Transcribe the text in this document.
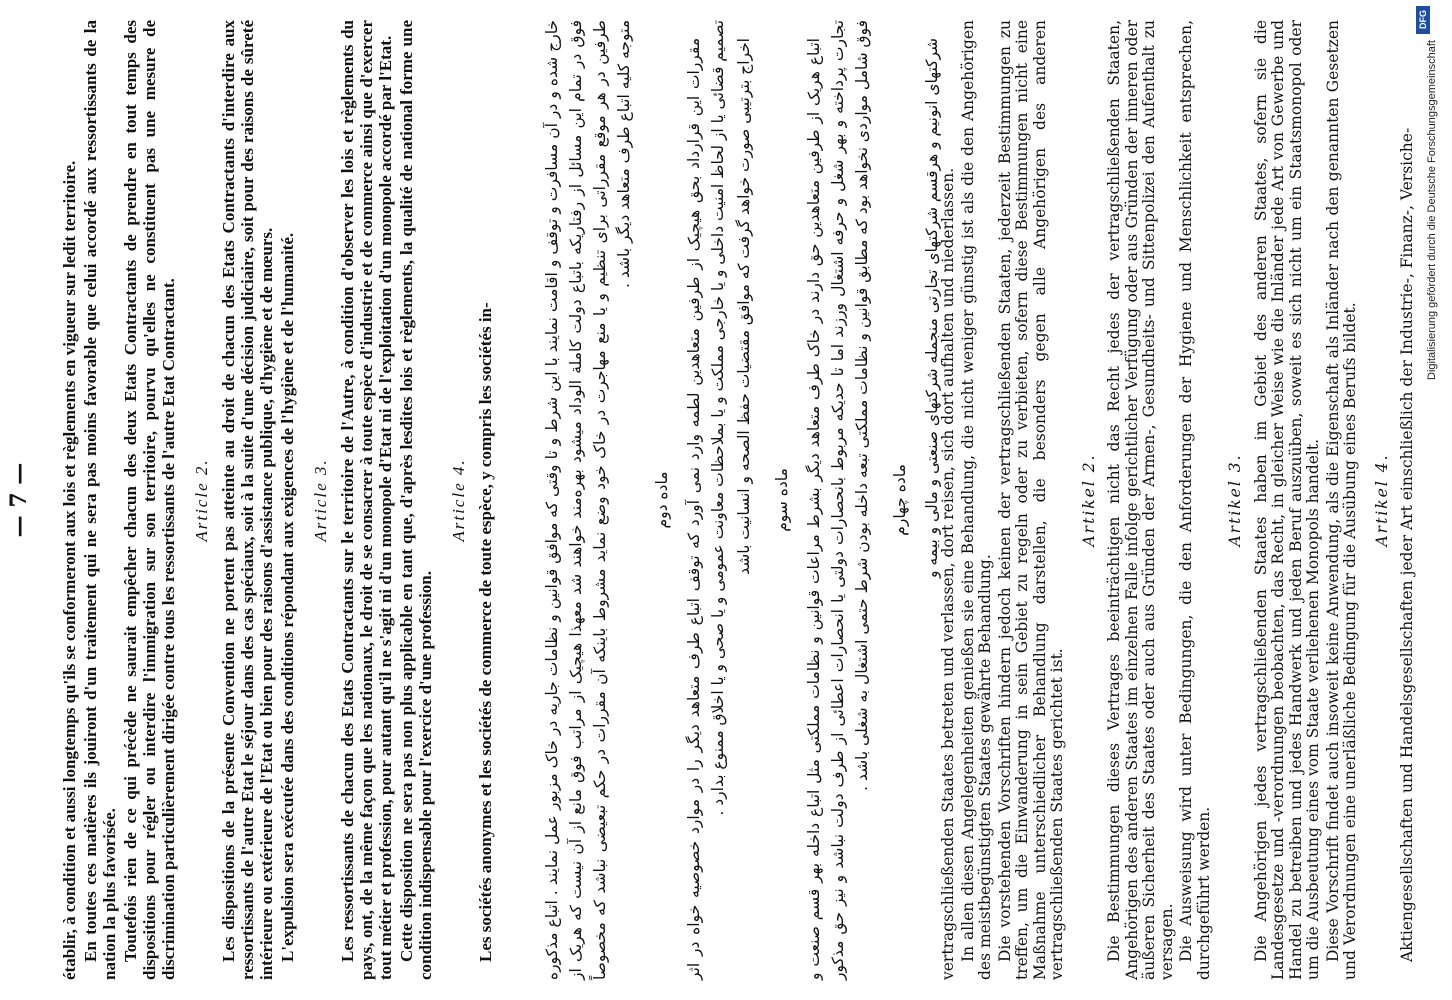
— 7 —	vertragschließenden Staates betreten und verlassen, dort reisen, sich dort aufhalten und niederlassen. In allen diesen Angelegenheiten genießen sie eine Behandlung, die nicht weniger günstig ist als die den Angehörigen des meistbegünstigten Staates gewährte Behandlung. Die vorstehenden Vorschriften hindern jedoch keinen der vertragschließenden Staaten, jederzeit Bestimmungen zu treffen, um die Einwanderung in sein Gebiet zu regeln oder zu verbieten, sofern diese Bestimmungen nicht eine Maßnahme unterschiedlicher Behandlung darstellen, die besonders gegen alle Angehörigen des anderen vertragschließenden Staates gerichtet ist.

Artikel 2. Die Bestimmungen dieses Vertrages beeinträchtigen nicht das Recht jedes der vertragschließenden Staaten, Angehörigen des anderen Staates im einzelnen Falle infolge gerichtlicher Verfügung oder aus Gründen der inneren oder äußeren Sicherheit des Staates oder auch aus Gründen der Armen-, Gesundheits- und Sittenpolizei den Aufenthalt zu versagen. Die Ausweisung wird unter Bedingungen, die den Anforderungen der Hygiene und Menschlichkeit entsprechen, durchgeführt werden.

Artikel 3. Die Angehörigen jedes vertragschließenden Staates haben im Gebiet des anderen Staates, sofern sie die Landesgesetze und -verordnungen beobachten, das Recht, in gleicher Weise wie die Inländer jede Art von Gewerbe und Handel zu betreiben und jedes Handwerk und jeden Beruf auszuüben, soweit es sich nicht um ein Staatsmonopol oder um die Ausbeutung eines vom Staate verliehenen Monopols handelt. Diese Vorschrift findet auch insoweit keine Anwendung, als die Eigenschaft als Inländer nach den genannten Gesetzen und Verordnungen eine unerläßliche Bedingung für die Ausübung eines Berufs bildet. Artikel 4. Aktiengesellschaften und Handelsgesellschaften jeder Art einschließlich der Industrie-, Finanz-, Versiche-

خارج شده و در آن مسافرت و توقف و اقامت نمایند با این شرط و تا وقتی که موافق قوانین و نظامات جاریه در خاک مزبور عمل نمایند . اتباع مذکوره فوق در تمام این مسائل از رفتاریکه باتباع دولت کاملة الوداد میشود بهره‌مند خواهند شد معهذا هیچیک از مراتب فوق مانع از آن نیست که هریک از طرفین در هر موقع مقرراتی برای تنظیم و یا منع مهاجرت در خاک خود وضع نماید مشروط باینکه آن مقررات در حکم تبعیضی نباشد که مخصوصاً متوجه کلیه اتباع طرف متعاهد دیگر باشد .

ماده دوم مقررات این قرارداد بحق هیچیک از طرفین متعاهدین لطمه وارد نمی آورد که توقف اتباع طرف متعاهد دیگر را در موارد خصوصیه خواه در اثر تصمیم قضائی یا از لحاظ امنیت داخلی و یا خارجی مملکت و یا بملاحظات معاونت عمومی و یا صحی و یا اخلاق ممنوع بدارد . اخراج بترتیبی صورت خواهد گرفت که موافق مقتضیات حفظ الصحه و انسانیت باشد ماده سوم اتباع هریک از طرفین متعاهدین حق دارند در خاک طرف متعاهد دیگر بشرط مراعات قوانین و نظامات مملکتی مثل اتباع داخله بهر قسم صنعت و تجارت پرداخته و بهر شغل و حرفه اشتغال ورزند اما تا حدیکه مربوط بانحصارات دولتی یا انحصارات اعطائی از طرف دولت نباشد و نیز حق مذکور فوق شامل مواردی نخواهد بود که مطابق قوانین و نظامات مملکتی تبعه داخله بودن شرط حتمی اشتغال به شغلی باشد . ماده چهارم شرکتهای انونیم و هرقسم شرکتهای تجارتی منجمله شرکتهای صنعتی و مالی و بیمه و

établir, à condition et aussi longtemps qu'ils se conformeront aux lois et règlements en vigueur sur ledit territoire. En toutes ces matières ils jouiront d'un traitement qui ne sera pas moins favorable que celui accordé aux ressortissants de la nation la plus favorisée. Toutefois rien de ce qui précède ne saurait empêcher chacun des deux Etats Contractants de prendre en tout temps des dispositions pour régler ou interdire l'immigration sur son territoire, pourvu qu'elles ne constituent pas une mesure de discrimination particulièrement dirigée contre tous les ressortissants de l'autre Etat Contractant. Article 2. Les dispositions de la présente Convention ne portent pas atteinte au droit de chacun des Etats Contractants d'interdire aux ressortissants de l'autre Etat le séjour dans des cas spéciaux, soit à la suite d'une décision judiciaire, soit pour des raisons de sûreté intérieure ou extérieure de l'Etat ou bien pour des raisons d'assistance publique, d'hygiène et de mœurs. L'expulsion sera exécutée dans des conditions répondant aux exigences de l'hygiène et de l'humanité. Article 3. Les ressortissants de chacun des Etats Contractants sur le territoire de l'Autre, à condition d'observer les lois et règlements du pays, ont, de la même façon que les nationaux, le droit de se consacrer à toute espèce d'industrie et de commerce ainsi que d'exercer tout métier et profession, pour autant qu'il ne s'agit ni d'un monopole d'Etat ni de l'exploitation d'un monopole accordé par l'Etat. Cette disposition ne sera pas non plus applicable en tant que, d'après lesdites lois et règlements, la qualité de national forme une condition indispensable pour l'exercice d'une profession.

Article 4. Les sociétés anonymes et les sociétés de commerce de toute espèce, y compris les sociétés in-

Digitalisierung gefördert durch die Deutsche Forschungsgemeinschaft
DFG
